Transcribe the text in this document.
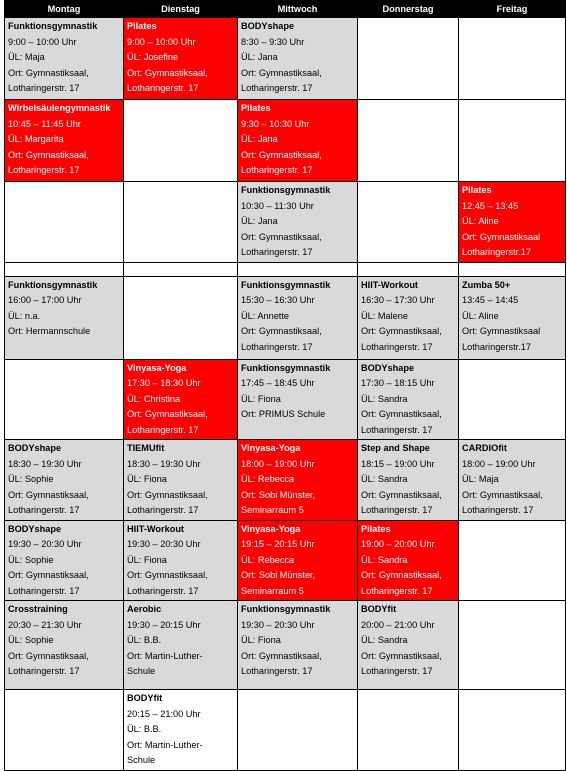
Montag	Dienstag	Mittwoch	Donnerstag	Freitag

Funktionsgymnastik
9:00 – 10:00 Uhr
ÜL: Maja
Ort: Gymnastiksaal,
Lotharingerstr. 17	Pilates
9:00 – 10:00 Uhr
ÜL: Josefine
Ort: Gymnastiksaal,
Lotharingerstr. 17	BODYshape
8:30 – 9:30 Uhr
ÜL: Jana
Ort: Gymnastiksaal,
Lotharingerstr. 17		

Wirbelsäulengymnastik
10:45 – 11:45 Uhr
ÜL: Margarita
Ort: Gymnastiksaal,
Lotharingerstr. 17		Pilates
9:30 – 10:30 Uhr
ÜL: Jana
Ort: Gymnastiksaal,
Lotharingerstr. 17		

		Funktionsgymnastik
10:30 – 11:30 Uhr
ÜL: Jana
Ort: Gymnastiksaal,
Lotharingerstr. 17		Pilates
12:45 – 13:45
ÜL: Aline
Ort: Gymnastiksaal
Lotharingerstr.17

Funktionsgymnastik
16:00 – 17:00 Uhr
ÜL: n.a.
Ort: Hermannschule		Funktionsgymnastik
15:30 – 16:30 Uhr
ÜL: Annette
Ort: Gymnastiksaal,
Lotharingerstr. 17	HIIT-Workout
16:30 – 17:30 Uhr
ÜL: Malene
Ort: Gymnastiksaal,
Lotharingerstr. 17	Zumba 50+
13:45 – 14:45
ÜL: Aline
Ort: Gymnastiksaal
Lotharingerstr.17

	Vinyasa-Yoga
17:30 – 18:30 Uhr
ÜL: Christina
Ort: Gymnastiksaal,
Lotharingerstr. 17	Funktionsgymnastik
17:45 – 18:45 Uhr
ÜL: Fiona
Ort: PRIMUS Schule	BODYshape
17:30 – 18:15 Uhr
ÜL: Sandra
Ort: Gymnastiksaal,
Lotharingerstr. 17	

BODYshape
18:30 – 19:30 Uhr
ÜL: Sophie
Ort: Gymnastiksaal,
Lotharingerstr. 17	TIEMUfit
18:30 – 19:30 Uhr
ÜL: Fiona
Ort: Gymnastiksaal,
Lotharingerstr. 17	Vinyasa-Yoga
18:00 – 19:00 Uhr
ÜL: Rebecca
Ort: Sobi Münster,
Seminarraum 5	Step and Shape
18:15 – 19:00 Uhr
ÜL: Sandra
Ort: Gymnastiksaal,
Lotharingerstr. 17	CARDIOfit
18:00 – 19:00 Uhr
ÜL: Maja
Ort: Gymnastiksaal,
Lotharingerstr. 17

BODYshape
19:30 – 20:30 Uhr
ÜL: Sophie
Ort: Gymnastiksaal,
Lotharingerstr. 17	HIIT-Workout
19:30 – 20:30 Uhr
ÜL: Fiona
Ort: Gymnastiksaal,
Lotharingerstr. 17	Vinyasa-Yoga
19:15 – 20:15 Uhr
ÜL: Rebecca
Ort: Sobi Münster,
Seminarraum 5	Pilates
19:00 – 20:00 Uhr
ÜL: Sandra
Ort: Gymnastiksaal,
Lotharingerstr. 17	

Crosstraining
20:30 – 21:30 Uhr
ÜL: Sophie
Ort: Gymnastiksaal,
Lotharingerstr. 17	Aerobic
19:30 – 20:15 Uhr
ÜL: B.B.
Ort: Martin-Luther-
Schule	Funktionsgymnastik
19:30 – 20:30 Uhr
ÜL: Fiona
Ort: Gymnastiksaal,
Lotharingerstr. 17	BODYfit
20:00 – 21:00 Uhr
ÜL: Sandra
Ort: Gymnastiksaal,
Lotharingerstr. 17	

	BODYfit
20:15 – 21:00 Uhr
ÜL: B.B.
Ort: Martin-Luther-
Schule			
